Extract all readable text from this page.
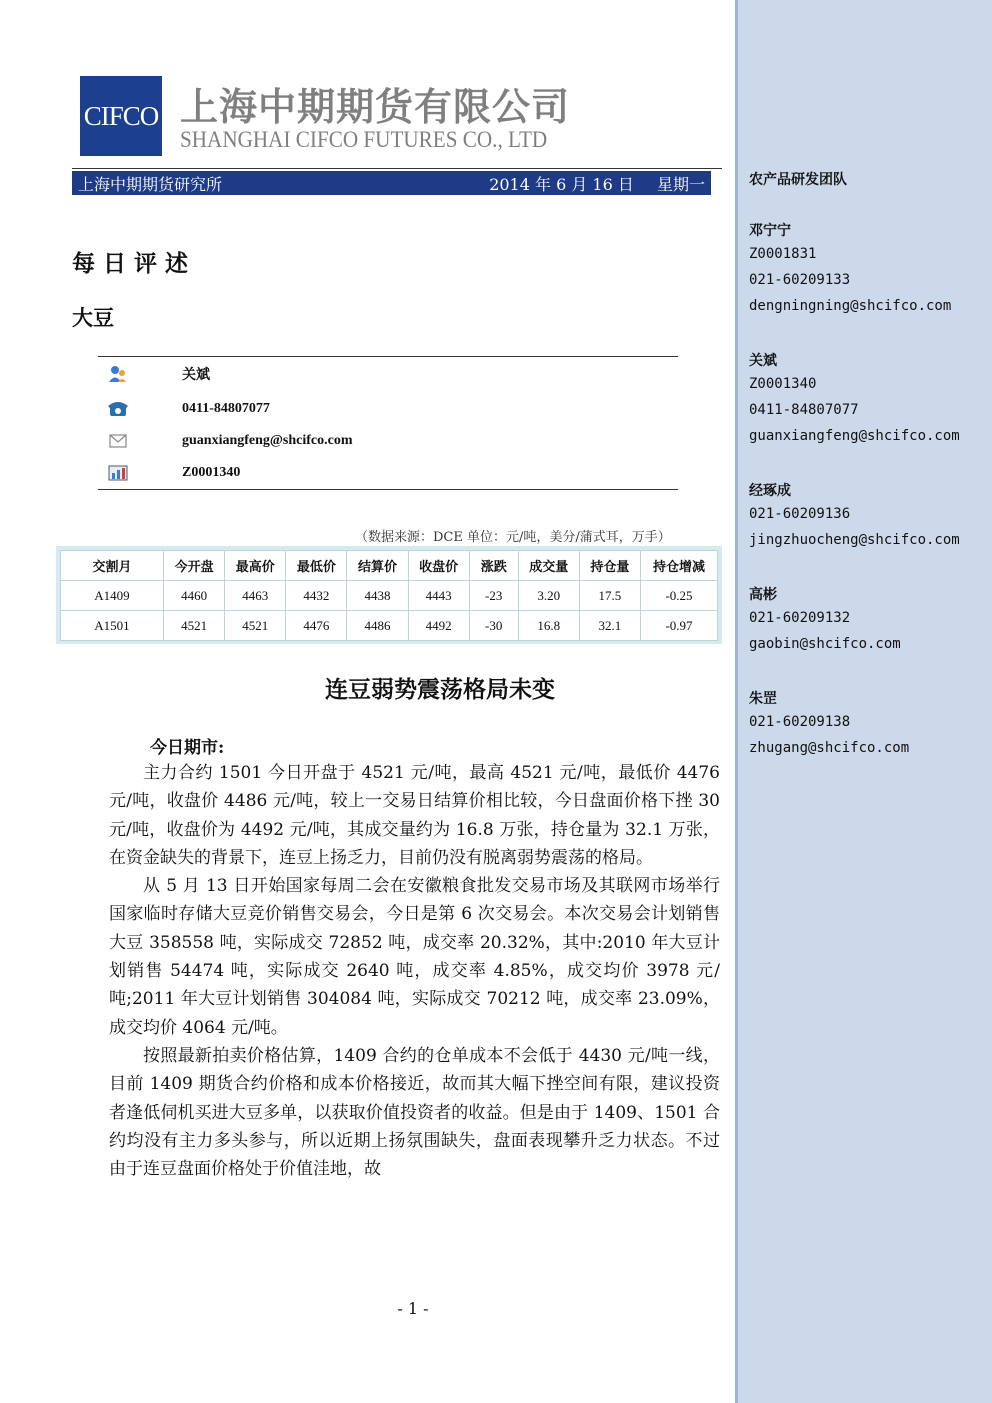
CIFCO 上海中期期货有限公司
SHANGHAI CIFCO FUTURES CO., LTD
上海中期期货研究所	2014 年 6 月 16 日 星期一
每日评述
大豆
关斌
0411-84807077
guanxiangfeng@shcifco.com
Z0001340
（数据来源：DCE 单位：元/吨，美分/蒲式耳，万手）
交割月	今开盘	最高价	最低价	结算价	收盘价	涨跌	成交量	持仓量	持仓增减
A1409	4460	4463	4432	4438	4443	-23	3.20	17.5	-0.25
A1501	4521	4521	4476	4486	4492	-30	16.8	32.1	-0.97
连豆弱势震荡格局未变
今日期市:

主力合约 1501 今日开盘于 4521 元/吨，最高 4521 元/吨，最低价 4476 元/吨，收盘价 4486 元/吨，较上一交易日结算价相比较，今日盘面价格下挫 30 元/吨，收盘价为 4492 元/吨，其成交量约为 16.8 万张，持仓量为 32.1 万张，在资金缺失的背景下，连豆上扬乏力，目前仍没有脱离弱势震荡的格局。

从 5 月 13 日开始国家每周二会在安徽粮食批发交易市场及其联网市场举行国家临时存储大豆竞价销售交易会，今日是第 6 次交易会。本次交易会计划销售大豆 358558 吨，实际成交 72852 吨，成交率 20.32%，其中:2010 年大豆计划销售 54474 吨，实际成交 2640 吨，成交率 4.85%，成交均价 3978 元/吨;2011 年大豆计划销售 304084 吨，实际成交 70212 吨，成交率 23.09%，成交均价 4064 元/吨。

按照最新拍卖价格估算，1409 合约的仓单成本不会低于 4430 元/吨一线，目前 1409 期货合约价格和成本价格接近，故而其大幅下挫空间有限，建议投资者逢低伺机买进大豆多单，以获取价值投资者的收益。但是由于 1409、1501 合约均没有主力多头参与，所以近期上扬氛围缺失，盘面表现攀升乏力状态。不过由于连豆盘面价格处于价值洼地，故

- 1 -
农产品研发团队
邓宁宁
Z0001831
021-60209133
dengningning@shcifco.com
关斌
Z0001340
0411-84807077
guanxiangfeng@shcifco.com
经琢成
021-60209136
jingzhuocheng@shcifco.com
高彬
021-60209132
gaobin@shcifco.com
朱罡
021-60209138
zhugang@shcifco.com
